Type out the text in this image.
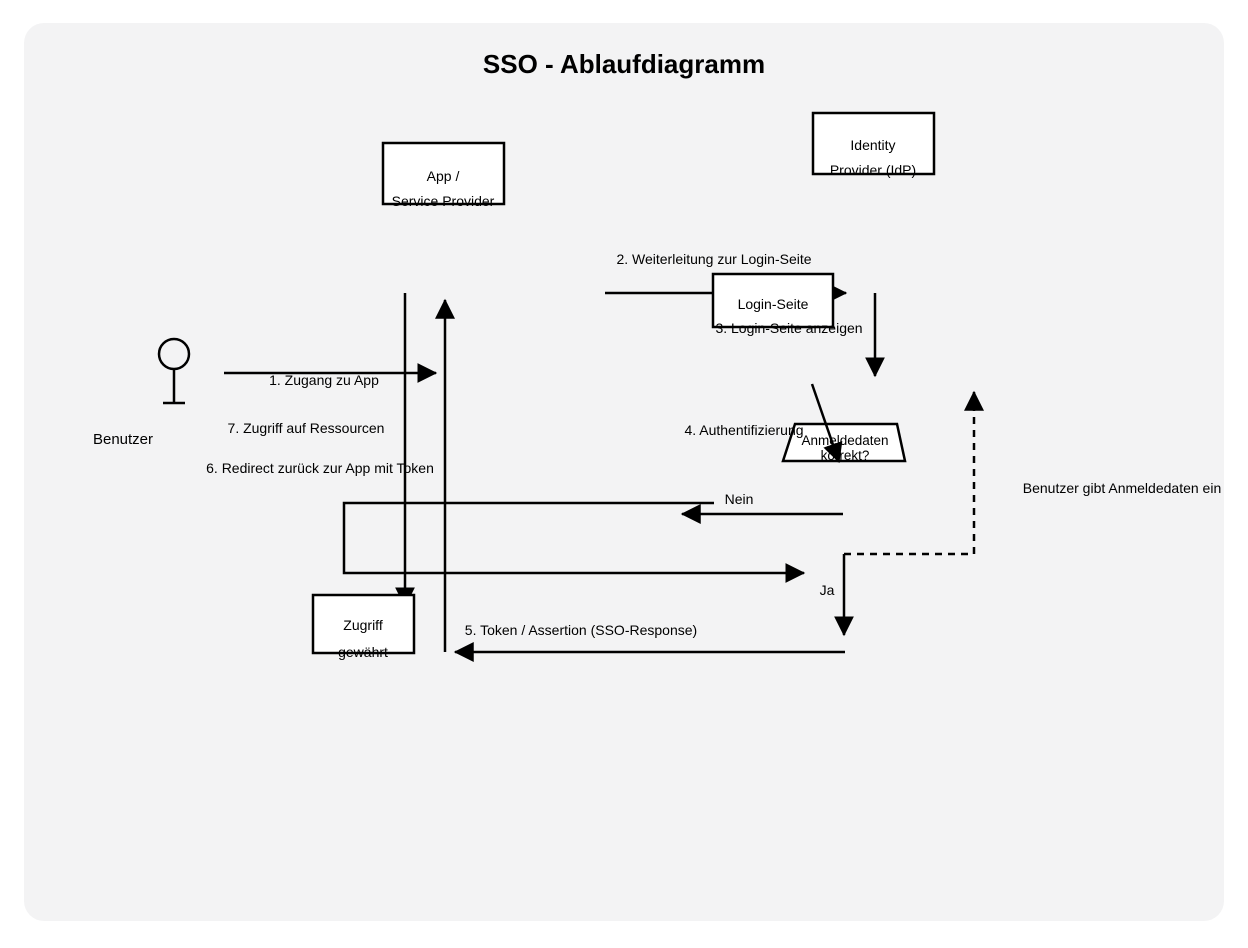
SSO - Ablaufdiagramm
Benutzer
1. Zugang zu App
2. Weiterleitung zur Login-Seite
Login-Seite
3. Login-Seite anzeigen
Anmeldedaten
korrekt?
4. Authentifizierung
Nein
Ja
Benutzer gibt Anmeldedaten ein
5. Token / Assertion (SSO-Response)
6. Redirect zurück zur App mit Token
7. Zugriff auf Ressourcen
App /
Service Provider
Identity
Provider (IdP)
Zugriff
gewährt
